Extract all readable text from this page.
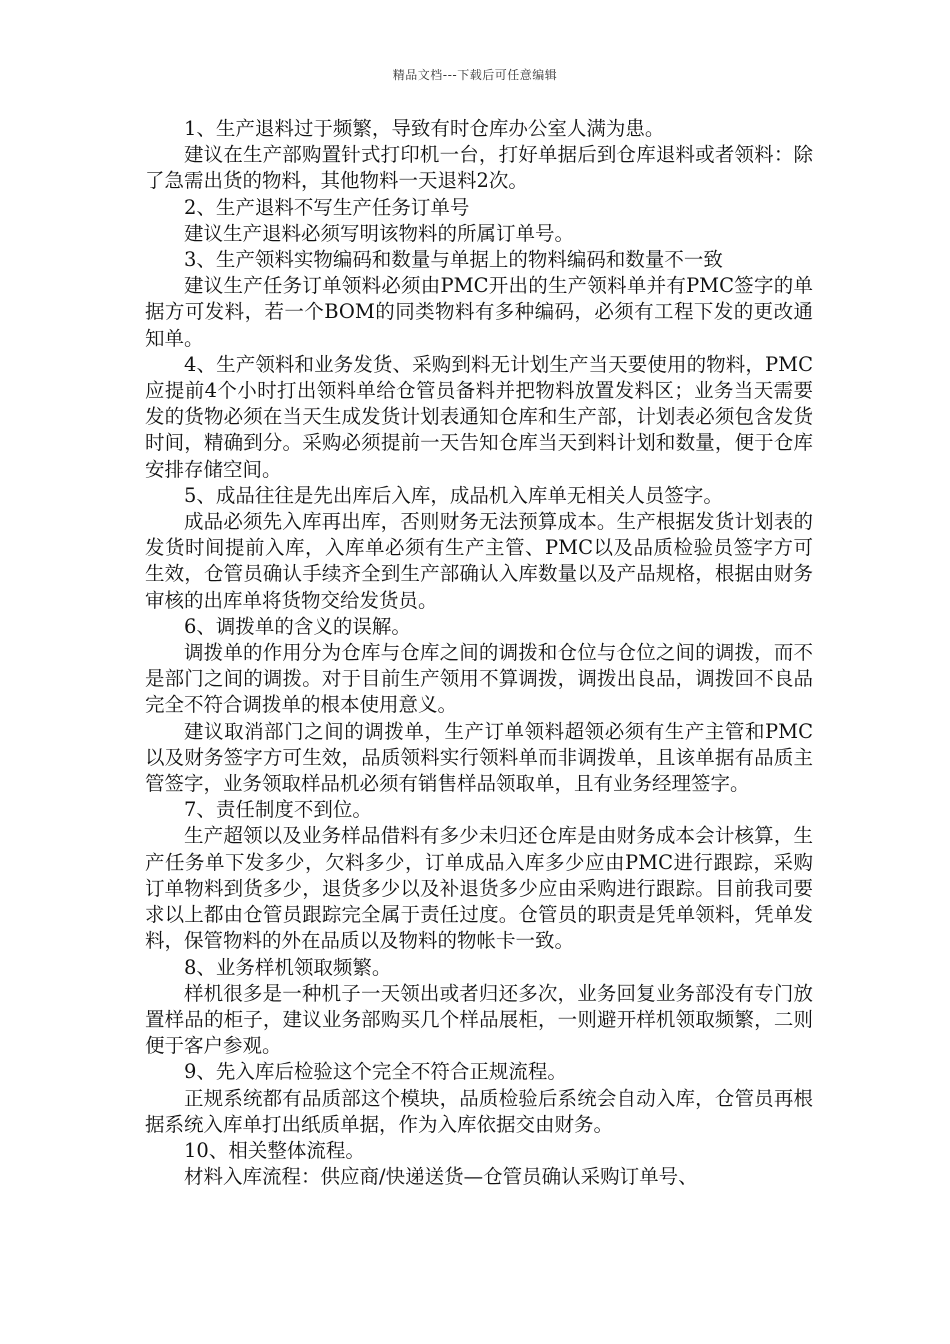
精品文档---下载后可任意编辑

1、生产退料过于频繁，导致有时仓库办公室人满为患。

建议在生产部购置针式打印机一台，打好单据后到仓库退料或者领料：除了急需出货的物料，其他物料一天退料2次。

2、生产退料不写生产任务订单号

建议生产退料必须写明该物料的所属订单号。

3、生产领料实物编码和数量与单据上的物料编码和数量不一致

建议生产任务订单领料必须由PMC开出的生产领料单并有PMC签字的单据方可发料，若一个BOM的同类物料有多种编码，必须有工程下发的更改通知单。

4、生产领料和业务发货、采购到料无计划生产当天要使用的物料，PMC应提前4个小时打出领料单给仓管员备料并把物料放置发料区；业务当天需要发的货物必须在当天生成发货计划表通知仓库和生产部，计划表必须包含发货时间，精确到分。采购必须提前一天告知仓库当天到料计划和数量，便于仓库安排存储空间。

5、成品往往是先出库后入库，成品机入库单无相关人员签字。

成品必须先入库再出库，否则财务无法预算成本。生产根据发货计划表的发货时间提前入库，入库单必须有生产主管、PMC以及品质检验员签字方可生效，仓管员确认手续齐全到生产部确认入库数量以及产品规格，根据由财务审核的出库单将货物交给发货员。

6、调拨单的含义的误解。

调拨单的作用分为仓库与仓库之间的调拨和仓位与仓位之间的调拨，而不是部门之间的调拨。对于目前生产领用不算调拨，调拨出良品，调拨回不良品完全不符合调拨单的根本使用意义。

建议取消部门之间的调拨单，生产订单领料超领必须有生产主管和PMC以及财务签字方可生效，品质领料实行领料单而非调拨单，且该单据有品质主管签字，业务领取样品机必须有销售样品领取单，且有业务经理签字。

7、责任制度不到位。

生产超领以及业务样品借料有多少未归还仓库是由财务成本会计核算，生产任务单下发多少，欠料多少，订单成品入库多少应由PMC进行跟踪，采购订单物料到货多少，退货多少以及补退货多少应由采购进行跟踪。目前我司要求以上都由仓管员跟踪完全属于责任过度。仓管员的职责是凭单领料，凭单发料，保管物料的外在品质以及物料的物帐卡一致。

8、业务样机领取频繁。

样机很多是一种机子一天领出或者归还多次，业务回复业务部没有专门放置样品的柜子，建议业务部购买几个样品展柜，一则避开样机领取频繁，二则便于客户参观。

9、先入库后检验这个完全不符合正规流程。

正规系统都有品质部这个模块，品质检验后系统会自动入库，仓管员再根据系统入库单打出纸质单据，作为入库依据交由财务。

10、相关整体流程。

材料入库流程：供应商/快递送货—仓管员确认采购订单号、
